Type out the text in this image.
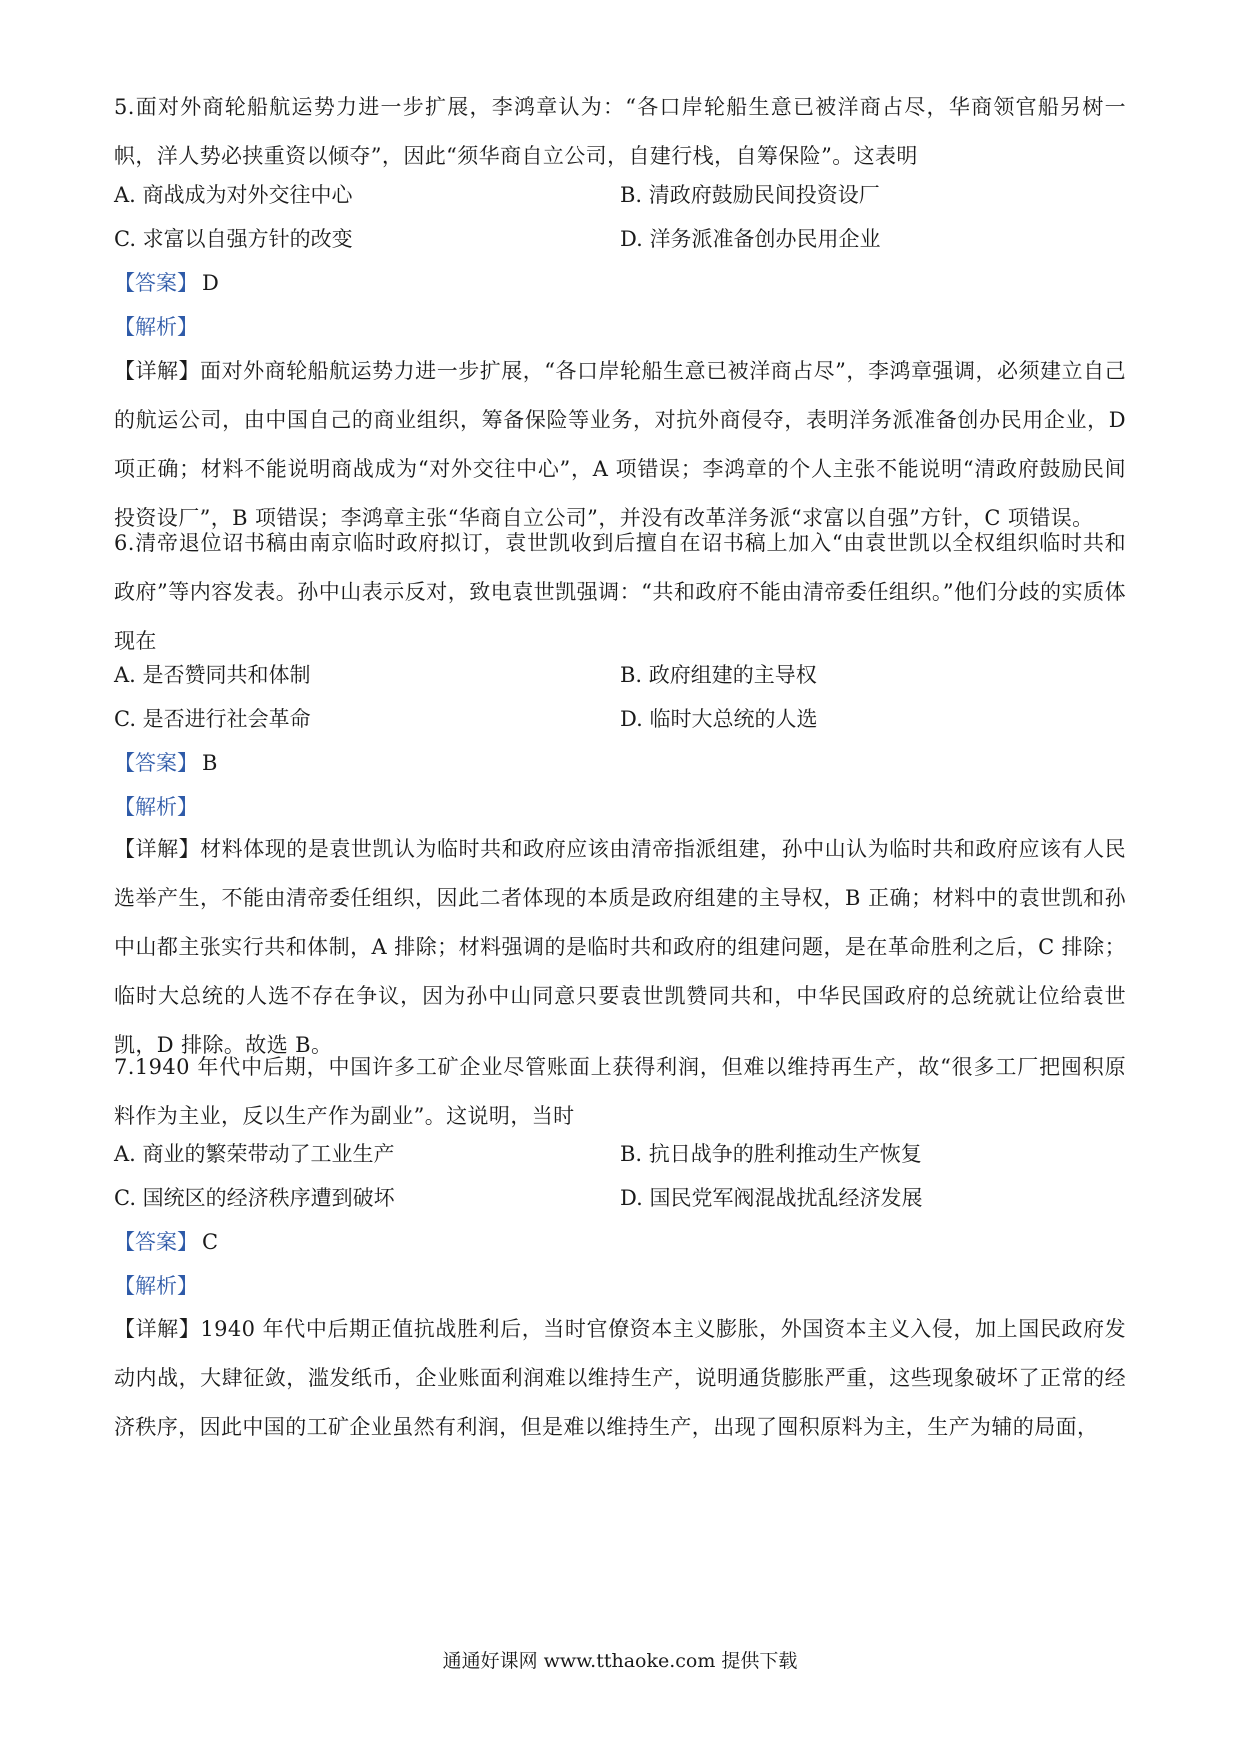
5.面对外商轮船航运势力进一步扩展，李鸿章认为：“各口岸轮船生意已被洋商占尽，华商领官船另树一帜，洋人势必挟重资以倾夺”，因此“须华商自立公司，自建行栈，自筹保险”。这表明
A. 商战成为对外交往中心	B. 清政府鼓励民间投资设厂
C. 求富以自强方针的改变	D. 洋务派准备创办民用企业
【答案】 D
【解析】
【详解】面对外商轮船航运势力进一步扩展，“各口岸轮船生意已被洋商占尽”，李鸿章强调，必须建立自己的航运公司，由中国自己的商业组织，筹备保险等业务，对抗外商侵夺，表明洋务派准备创办民用企业，D项正确；材料不能说明商战成为“对外交往中心”，A 项错误；李鸿章的个人主张不能说明“清政府鼓励民间投资设厂”，B 项错误；李鸿章主张“华商自立公司”，并没有改革洋务派“求富以自强”方针，C 项错误。
6.清帝退位诏书稿由南京临时政府拟订，袁世凯收到后擅自在诏书稿上加入“由袁世凯以全权组织临时共和政府”等内容发表。孙中山表示反对，致电袁世凯强调：“共和政府不能由清帝委任组织。”他们分歧的实质体现在
A. 是否赞同共和体制	B. 政府组建的主导权
C. 是否进行社会革命	D. 临时大总统的人选
【答案】 B
【解析】
【详解】材料体现的是袁世凯认为临时共和政府应该由清帝指派组建，孙中山认为临时共和政府应该有人民选举产生，不能由清帝委任组织，因此二者体现的本质是政府组建的主导权，B 正确；材料中的袁世凯和孙中山都主张实行共和体制，A 排除；材料强调的是临时共和政府的组建问题，是在革命胜利之后，C 排除；临时大总统的人选不存在争议，因为孙中山同意只要袁世凯赞同共和，中华民国政府的总统就让位给袁世凯，D 排除。故选 B。
7.1940 年代中后期，中国许多工矿企业尽管账面上获得利润，但难以维持再生产，故“很多工厂把囤积原料作为主业，反以生产作为副业”。这说明，当时
A. 商业的繁荣带动了工业生产	B. 抗日战争的胜利推动生产恢复
C. 国统区的经济秩序遭到破坏	D. 国民党军阀混战扰乱经济发展
【答案】 C
【解析】
【详解】1940 年代中后期正值抗战胜利后，当时官僚资本主义膨胀，外国资本主义入侵，加上国民政府发动内战，大肆征敛，滥发纸币，企业账面利润难以维持生产，说明通货膨胀严重，这些现象破坏了正常的经济秩序，因此中国的工矿企业虽然有利润，但是难以维持生产，出现了囤积原料为主，生产为辅的局面，
通通好课网 www.tthaoke.com 提供下载
